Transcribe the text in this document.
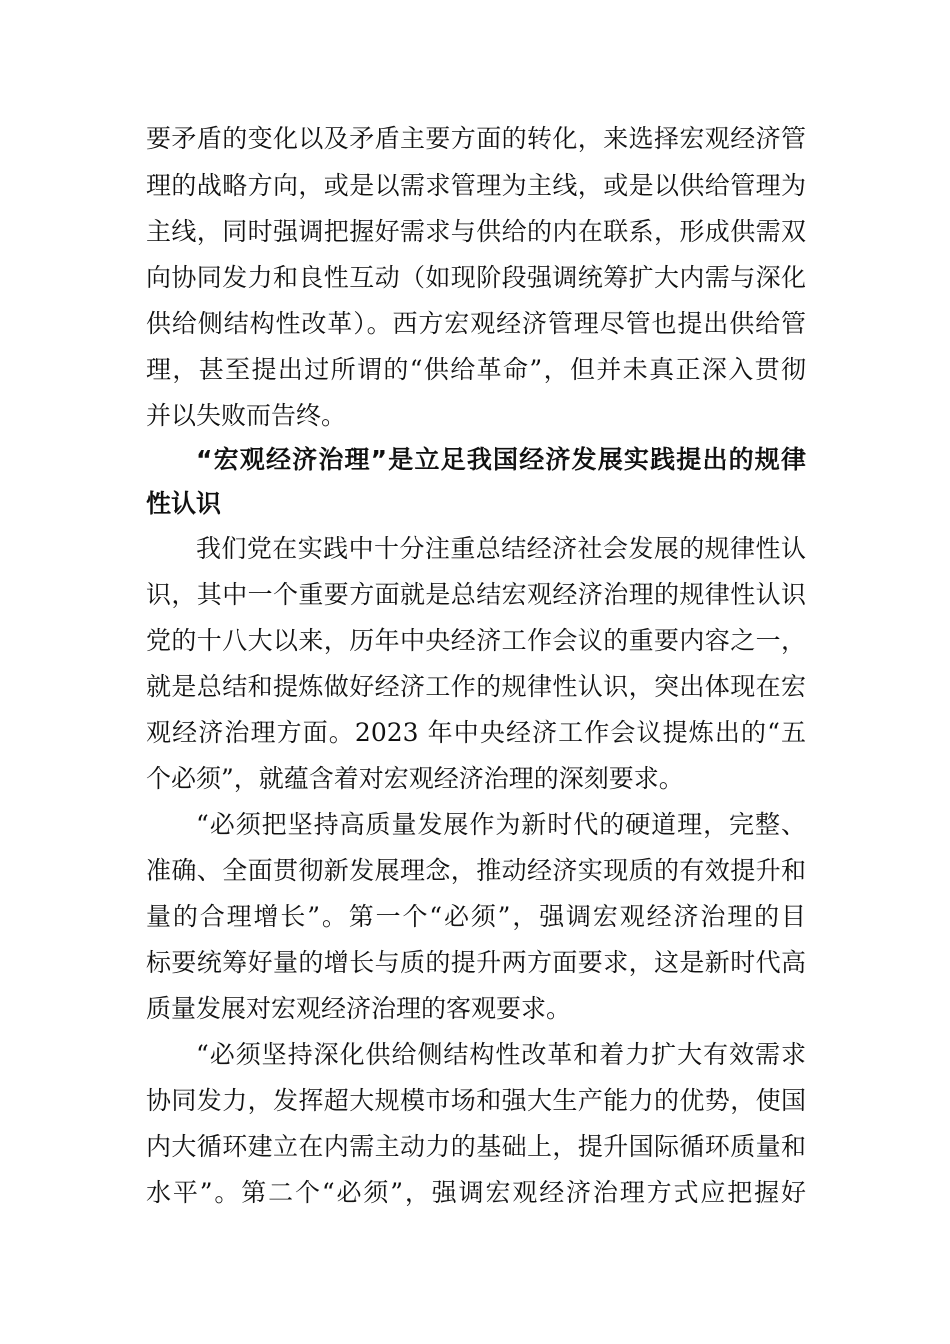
要矛盾的变化以及矛盾主要方面的转化，来选择宏观经济管
理的战略方向，或是以需求管理为主线，或是以供给管理为
主线，同时强调把握好需求与供给的内在联系，形成供需双
向协同发力和良性互动（如现阶段强调统筹扩大内需与深化
供给侧结构性改革）。西方宏观经济管理尽管也提出供给管
理，甚至提出过所谓的“供给革命”，但并未真正深入贯彻
并以失败而告终。
“宏观经济治理”是立足我国经济发展实践提出的规律
性认识
我们党在实践中十分注重总结经济社会发展的规律性认
识，其中一个重要方面就是总结宏观经济治理的规律性认识
党的十八大以来，历年中央经济工作会议的重要内容之一，
就是总结和提炼做好经济工作的规律性认识，突出体现在宏
观经济治理方面。2023 年中央经济工作会议提炼出的“五
个必须”，就蕴含着对宏观经济治理的深刻要求。
“必须把坚持高质量发展作为新时代的硬道理，完整、
准确、全面贯彻新发展理念，推动经济实现质的有效提升和
量的合理增长”。第一个“必须”，强调宏观经济治理的目
标要统筹好量的增长与质的提升两方面要求，这是新时代高
质量发展对宏观经济治理的客观要求。
“必须坚持深化供给侧结构性改革和着力扩大有效需求
协同发力，发挥超大规模市场和强大生产能力的优势，使国
内大循环建立在内需主动力的基础上，提升国际循环质量和
水平”。第二个“必须”，强调宏观经济治理方式应把握好
